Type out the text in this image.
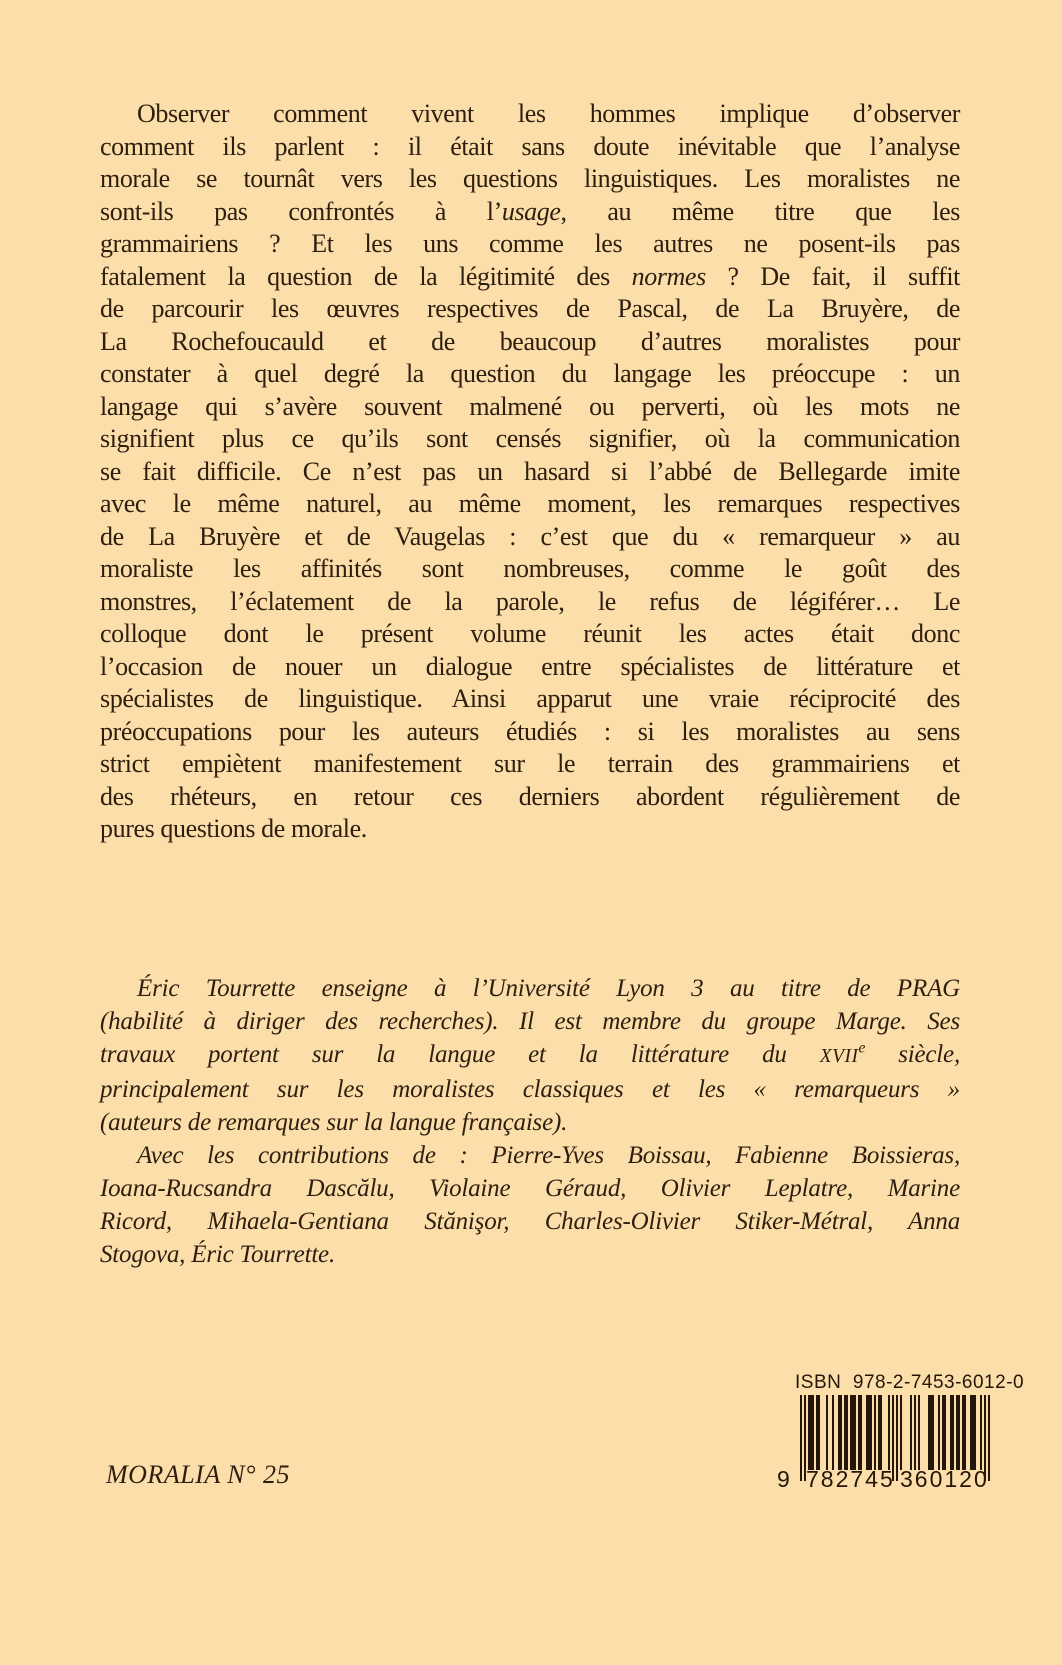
Observer comment vivent les hommes implique d’observer
comment ils parlent : il était sans doute inévitable que l’analyse
morale se tournât vers les questions linguistiques. Les moralistes ne
sont-ils pas confrontés à l’usage, au même titre que les
grammairiens ? Et les uns comme les autres ne posent-ils pas
fatalement la question de la légitimité des normes ? De fait, il suffit
de parcourir les œuvres respectives de Pascal, de La Bruyère, de
La Rochefoucauld et de beaucoup d’autres moralistes pour
constater à quel degré la question du langage les préoccupe : un
langage qui s’avère souvent malmené ou perverti, où les mots ne
signifient plus ce qu’ils sont censés signifier, où la communication
se fait difficile. Ce n’est pas un hasard si l’abbé de Bellegarde imite
avec le même naturel, au même moment, les remarques respectives
de La Bruyère et de Vaugelas : c’est que du « remarqueur » au
moraliste les affinités sont nombreuses, comme le goût des
monstres, l’éclatement de la parole, le refus de légiférer… Le
colloque dont le présent volume réunit les actes était donc
l’occasion de nouer un dialogue entre spécialistes de littérature et
spécialistes de linguistique. Ainsi apparut une vraie réciprocité des
préoccupations pour les auteurs étudiés : si les moralistes au sens
strict empiètent manifestement sur le terrain des grammairiens et
des rhéteurs, en retour ces derniers abordent régulièrement de
pures questions de morale.
Éric Tourrette enseigne à l’Université Lyon 3 au titre de PRAG
(habilité à diriger des recherches). Il est membre du groupe Marge. Ses
travaux portent sur la langue et la littérature du XVIIe siècle,
principalement sur les moralistes classiques et les « remarqueurs »
(auteurs de remarques sur la langue française).
Avec les contributions de : Pierre-Yves Boissau, Fabienne Boissieras,
Ioana-Rucsandra Dascălu, Violaine Géraud, Olivier Leplatre, Marine
Ricord, Mihaela-Gentiana Stănişor, Charles-Olivier Stiker-Métral, Anna
Stogova, Éric Tourrette.
ISBN  978-2-7453-6012-0
9 782745 360120
MORALIA N° 25
